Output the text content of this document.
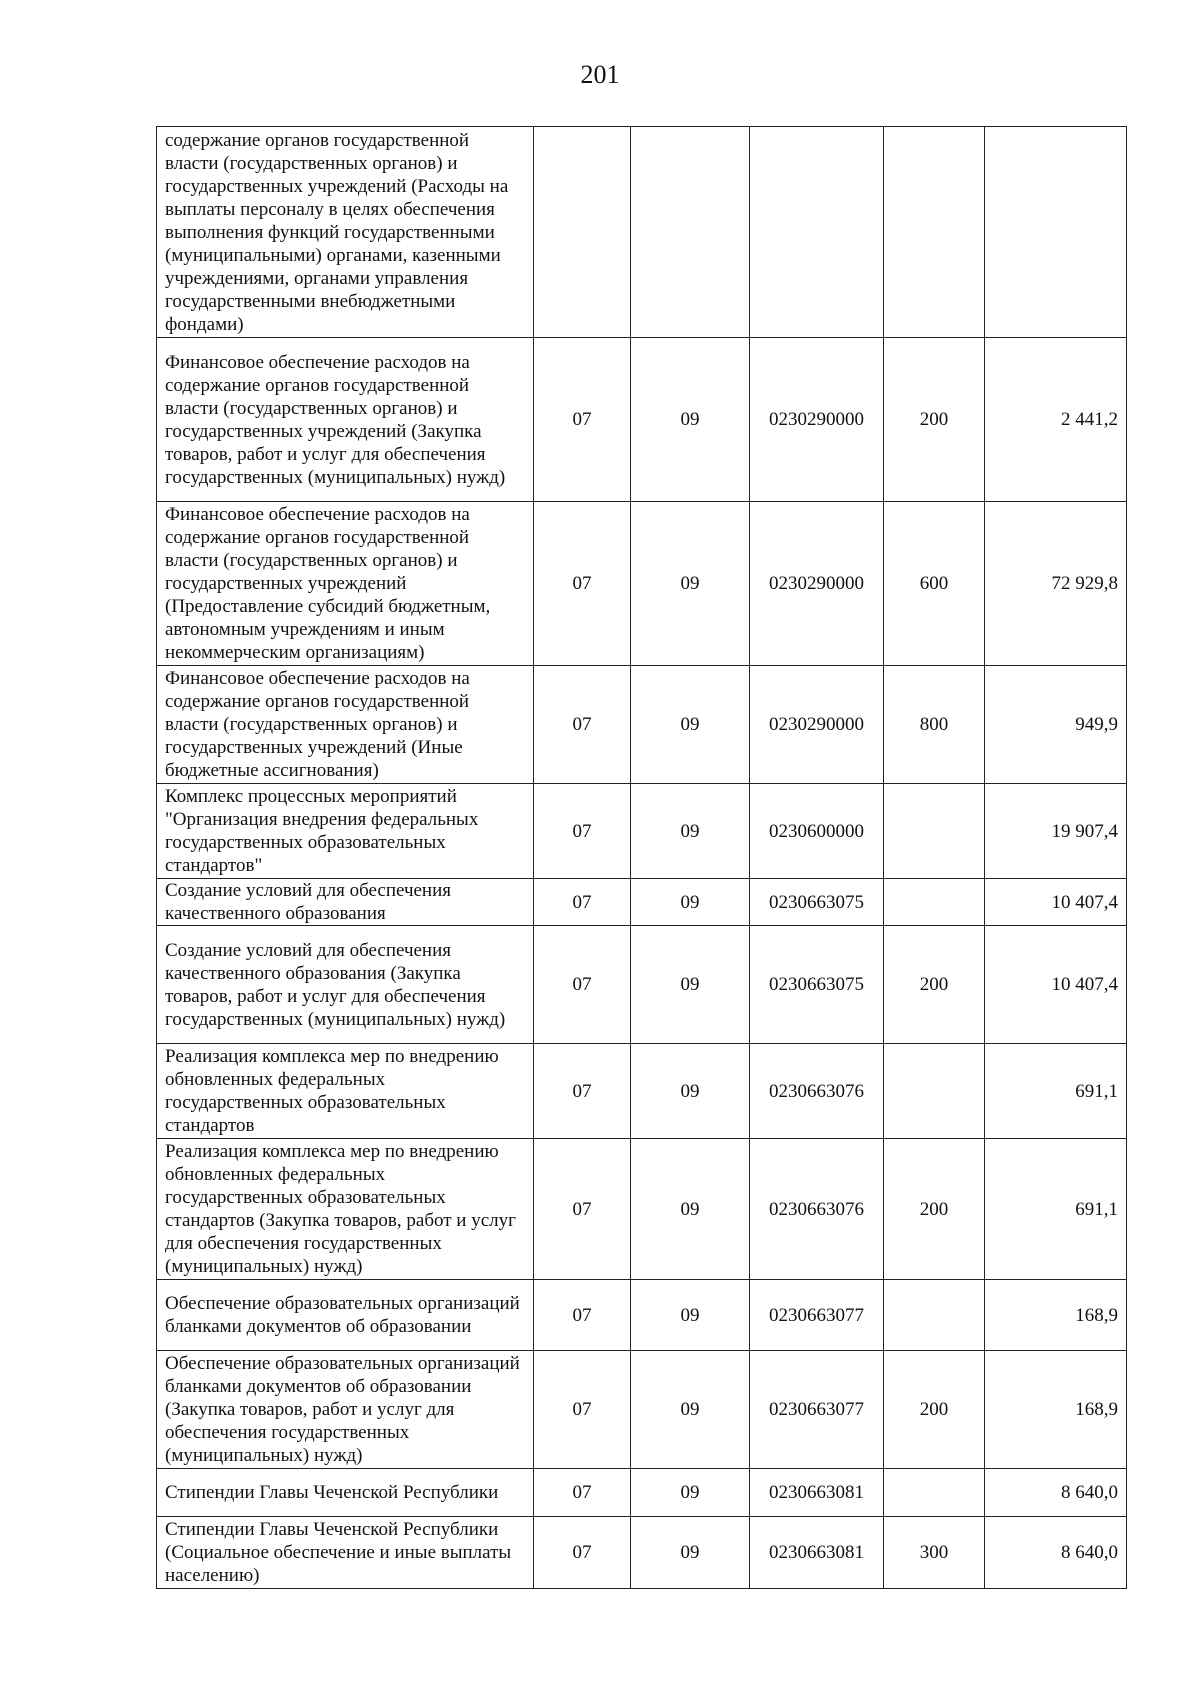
201
содержание органов государственной власти (государственных органов) и государственных учреждений (Расходы на выплаты персоналу в целях обеспечения выполнения функций государственными (муниципальными) органами, казенными учреждениями, органами управления государственными внебюджетными фондами)					
Финансовое обеспечение расходов на содержание органов государственной власти (государственных органов) и государственных учреждений (Закупка товаров, работ и услуг для обеспечения государственных (муниципальных) нужд)	07	09	0230290000	200	2 441,2
Финансовое обеспечение расходов на содержание органов государственной власти (государственных органов) и государственных учреждений (Предоставление субсидий бюджетным, автономным учреждениям и иным некоммерческим организациям)	07	09	0230290000	600	72 929,8
Финансовое обеспечение расходов на содержание органов государственной власти (государственных органов) и государственных учреждений (Иные бюджетные ассигнования)	07	09	0230290000	800	949,9
Комплекс процессных мероприятий "Организация внедрения федеральных государственных образовательных стандартов"	07	09	0230600000		19 907,4
Создание условий для обеспечения качественного образования	07	09	0230663075		10 407,4
Создание условий для обеспечения качественного образования (Закупка товаров, работ и услуг для обеспечения государственных (муниципальных) нужд)	07	09	0230663075	200	10 407,4
Реализация комплекса мер по внедрению обновленных федеральных государственных образовательных стандартов	07	09	0230663076		691,1
Реализация комплекса мер по внедрению обновленных федеральных государственных образовательных стандартов (Закупка товаров, работ и услуг для обеспечения государственных (муниципальных) нужд)	07	09	0230663076	200	691,1
Обеспечение образовательных организаций бланками документов об образовании	07	09	0230663077		168,9
Обеспечение образовательных организаций бланками документов об образовании (Закупка товаров, работ и услуг для обеспечения государственных (муниципальных) нужд)	07	09	0230663077	200	168,9
Стипендии Главы Чеченской Республики	07	09	0230663081		8 640,0
Стипендии Главы Чеченской Республики (Социальное обеспечение и иные выплаты населению)	07	09	0230663081	300	8 640,0
